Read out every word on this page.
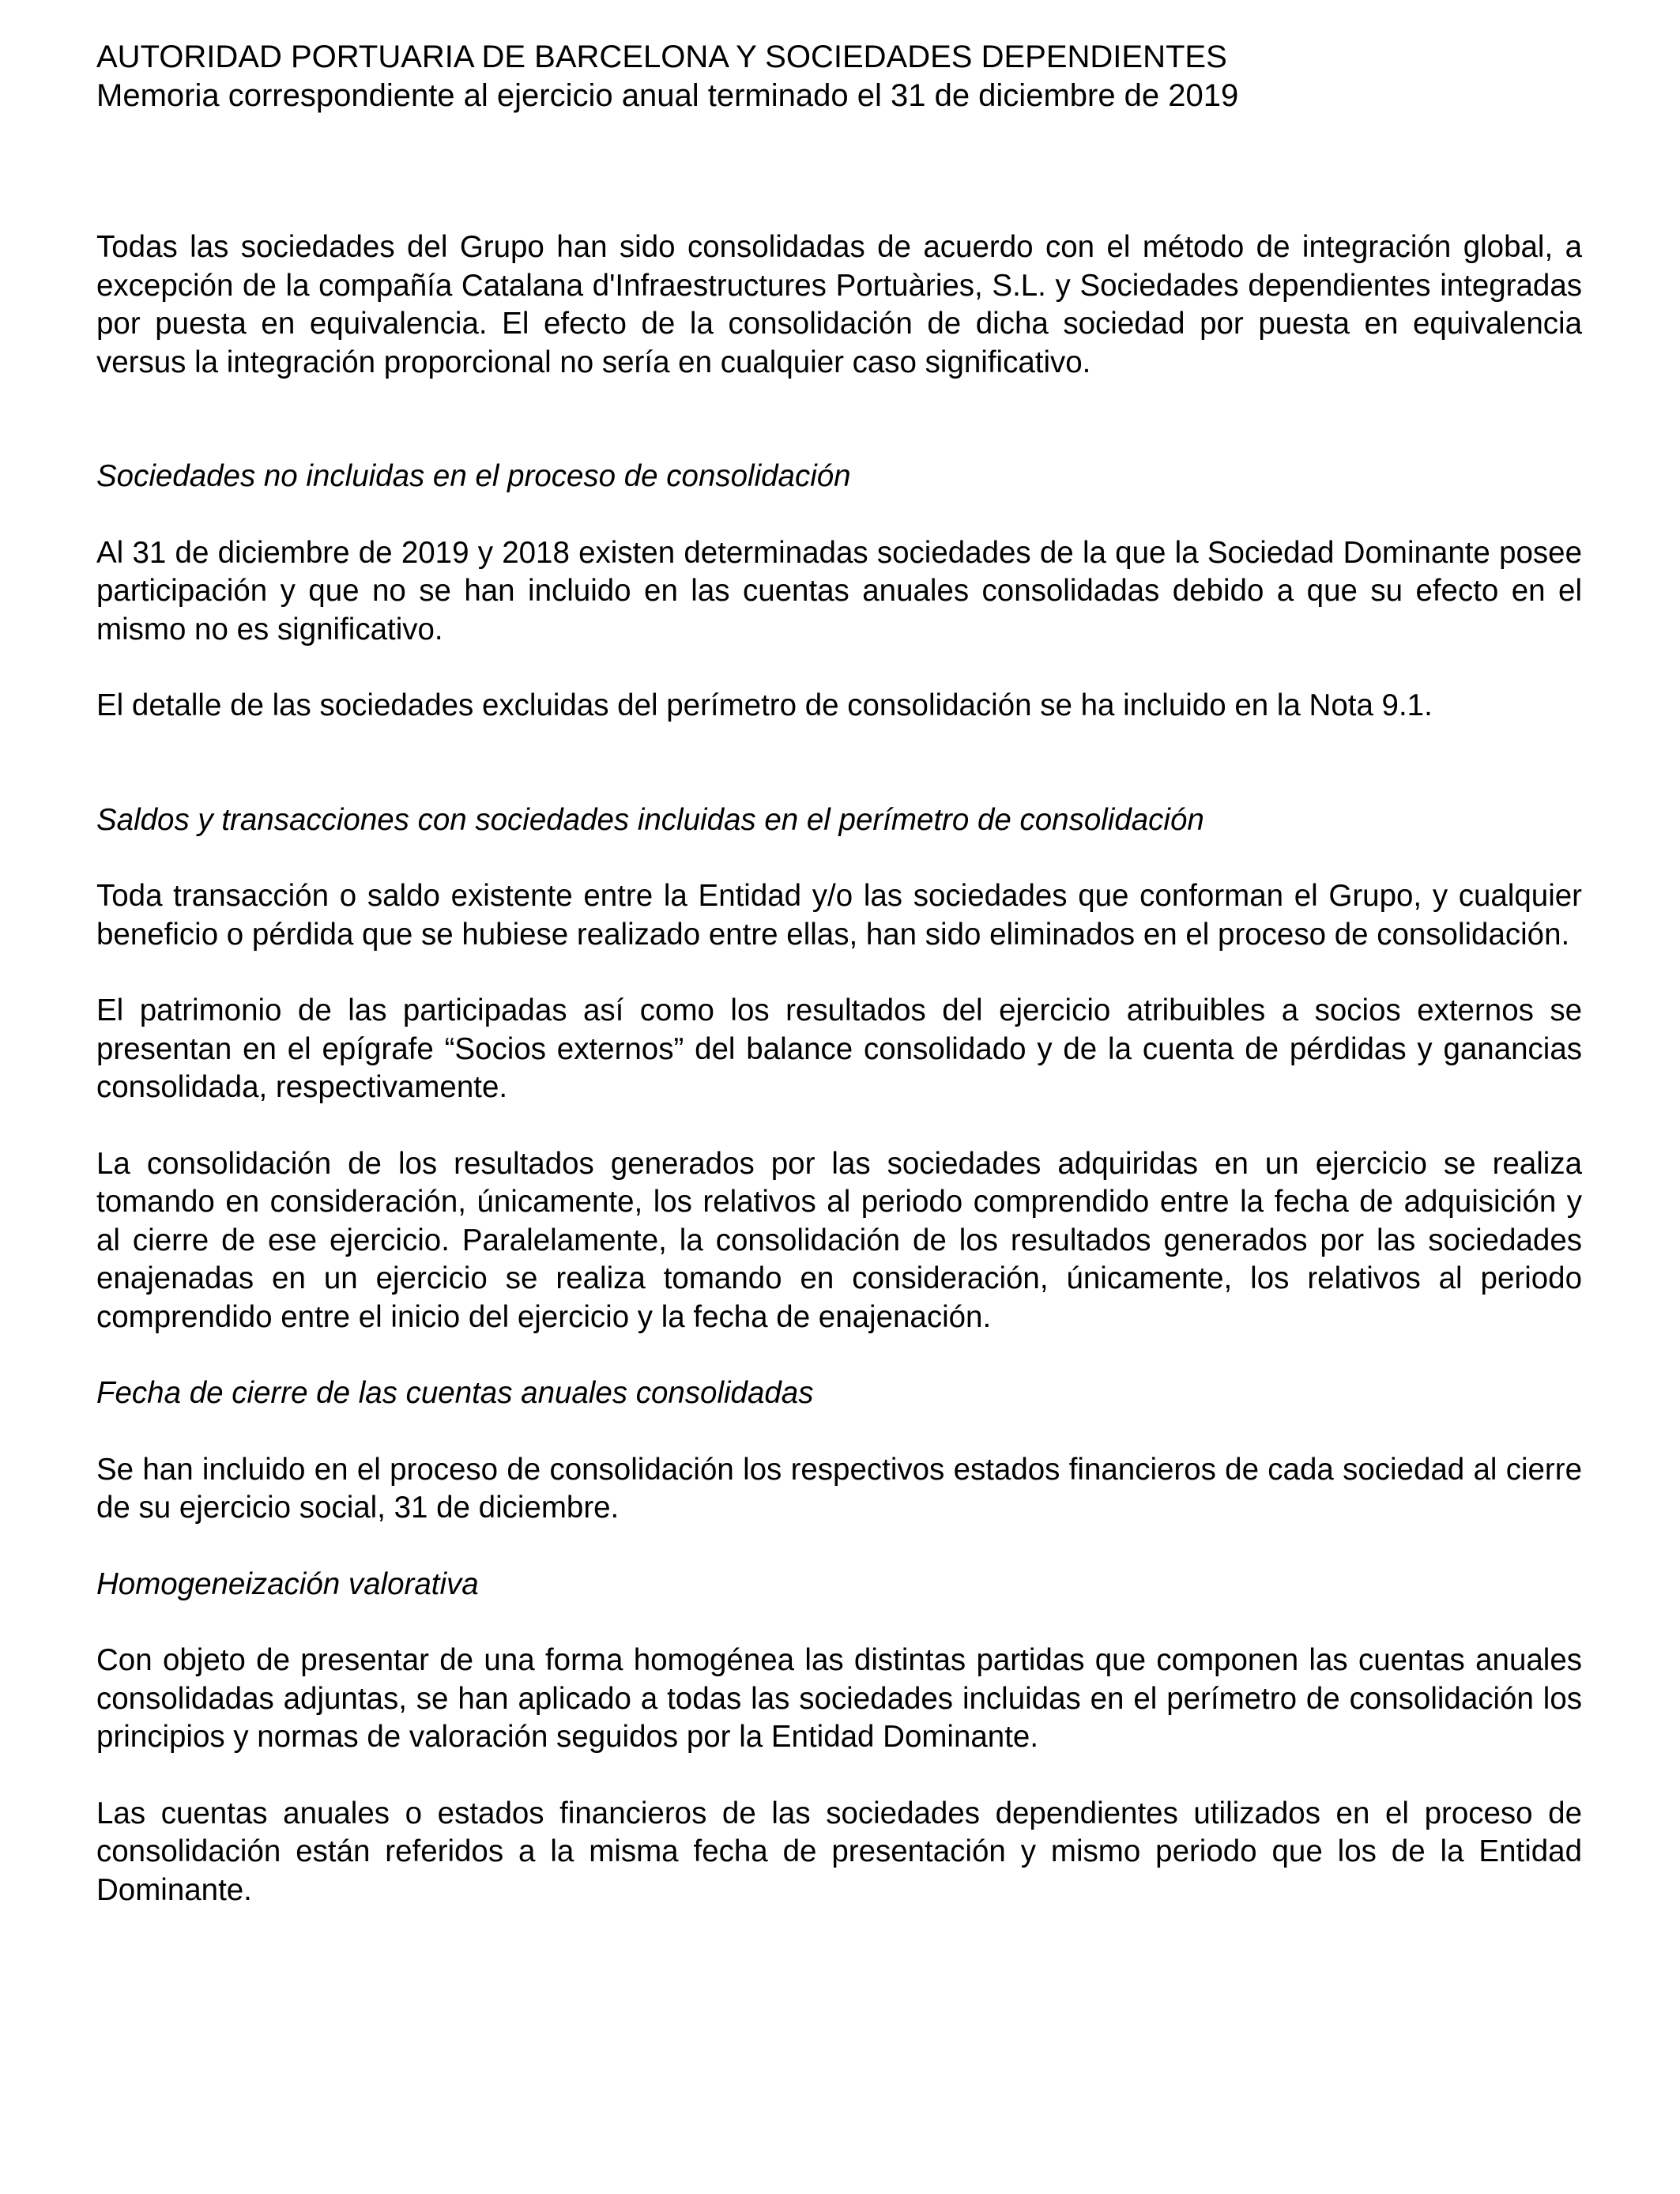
AUTORIDAD PORTUARIA DE BARCELONA Y SOCIEDADES DEPENDIENTES
Memoria correspondiente al ejercicio anual terminado el 31 de diciembre de 2019

Todas las sociedades del Grupo han sido consolidadas de acuerdo con el método de integración global, a excepción de la compañía Catalana d'Infraestructures Portuàries, S.L. y Sociedades dependientes integradas por puesta en equivalencia. El efecto de la consolidación de dicha sociedad por puesta en equivalencia versus la integración proporcional no sería en cualquier caso significativo.

Sociedades no incluidas en el proceso de consolidación

Al 31 de diciembre de 2019 y 2018 existen determinadas sociedades de la que la Sociedad Dominante posee participación y que no se han incluido en las cuentas anuales consolidadas debido a que su efecto en el mismo no es significativo.

El detalle de las sociedades excluidas del perímetro de consolidación se ha incluido en la Nota 9.1.

Saldos y transacciones con sociedades incluidas en el perímetro de consolidación

Toda transacción o saldo existente entre la Entidad y/o las sociedades que conforman el Grupo, y cualquier beneficio o pérdida que se hubiese realizado entre ellas, han sido eliminados en el proceso de consolidación.

El patrimonio de las participadas así como los resultados del ejercicio atribuibles a socios externos se presentan en el epígrafe “Socios externos” del balance consolidado y de la cuenta de pérdidas y ganancias consolidada, respectivamente.

La consolidación de los resultados generados por las sociedades adquiridas en un ejercicio se realiza tomando en consideración, únicamente, los relativos al periodo comprendido entre la fecha de adquisición y al cierre de ese ejercicio. Paralelamente, la consolidación de los resultados generados por las sociedades enajenadas en un ejercicio se realiza tomando en consideración, únicamente, los relativos al periodo comprendido entre el inicio del ejercicio y la fecha de enajenación.

Fecha de cierre de las cuentas anuales consolidadas

Se han incluido en el proceso de consolidación los respectivos estados financieros de cada sociedad al cierre de su ejercicio social, 31 de diciembre.

Homogeneización valorativa

Con objeto de presentar de una forma homogénea las distintas partidas que componen las cuentas anuales consolidadas adjuntas, se han aplicado a todas las sociedades incluidas en el perímetro de consolidación los principios y normas de valoración seguidos por la Entidad Dominante.

Las cuentas anuales o estados financieros de las sociedades dependientes utilizados en el proceso de consolidación están referidos a la misma fecha de presentación y mismo periodo que los de la Entidad Dominante.
